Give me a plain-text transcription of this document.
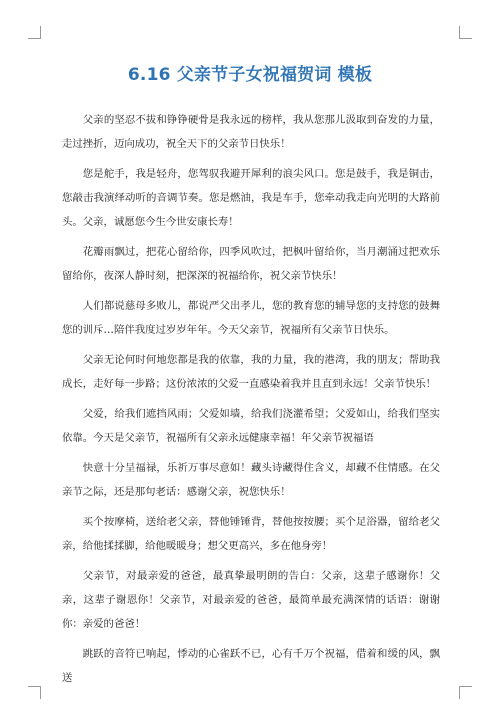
6.16 父亲节子女祝福贺词 模板

父亲的坚忍不拔和铮铮硬骨是我永远的榜样，我从您那儿汲取到奋发的力量，走过挫折，迈向成功，祝全天下的父亲节日快乐！

您是舵手，我是轻舟，您驾驭我避开犀利的浪尖风口。您是鼓手，我是铜击，您敲击我演绎动听的音调节奏。您是燃油，我是车手，您牵动我走向光明的大路前头。父亲，诚愿您今生今世安康长寿！

花瓣雨飘过，把花心留给你，四季风吹过，把枫叶留给你，当月潮涌过把欢乐留给你，夜深人静时刻，把深深的祝福给你，祝父亲节快乐！

人们都说慈母多败儿，都说严父出孝儿，您的教育您的辅导您的支持您的鼓舞您的训斥…陪伴我度过岁岁年年。今天父亲节，祝福所有父亲节日快乐。

父亲无论何时何地您都是我的依靠，我的力量，我的港湾，我的朋友；帮助我成长，走好每一步路；这份浓浓的父爱一直感染着我并且直到永远！父亲节快乐！

父爱，给我们遮挡风雨；父爱如墙，给我们浇灌希望；父爱如山，给我们坚实依靠。今天是父亲节，祝福所有父亲永远健康幸福！年父亲节祝福语

快意十分呈福禄，乐祈万事尽意如！藏头诗藏得住含义，却藏不住情感。在父亲节之际，还是那句老话：感谢父亲，祝您快乐！

买个按摩椅，送给老父亲，替他锤锤背，替他按按腰；买个足浴器，留给老父亲，给他揉揉脚，给他暖暖身；想父更高兴，多在他身旁！

父亲节，对最亲爱的爸爸，最真挚最明朗的告白：父亲，这辈子感谢你！父亲，这辈子谢恩你！父亲节，对最亲爱的爸爸，最简单最充满深情的话语：谢谢你：亲爱的爸爸！

跳跃的音符已响起，悸动的心雀跃不已，心有千万个祝福，借着和缓的风，飘送
